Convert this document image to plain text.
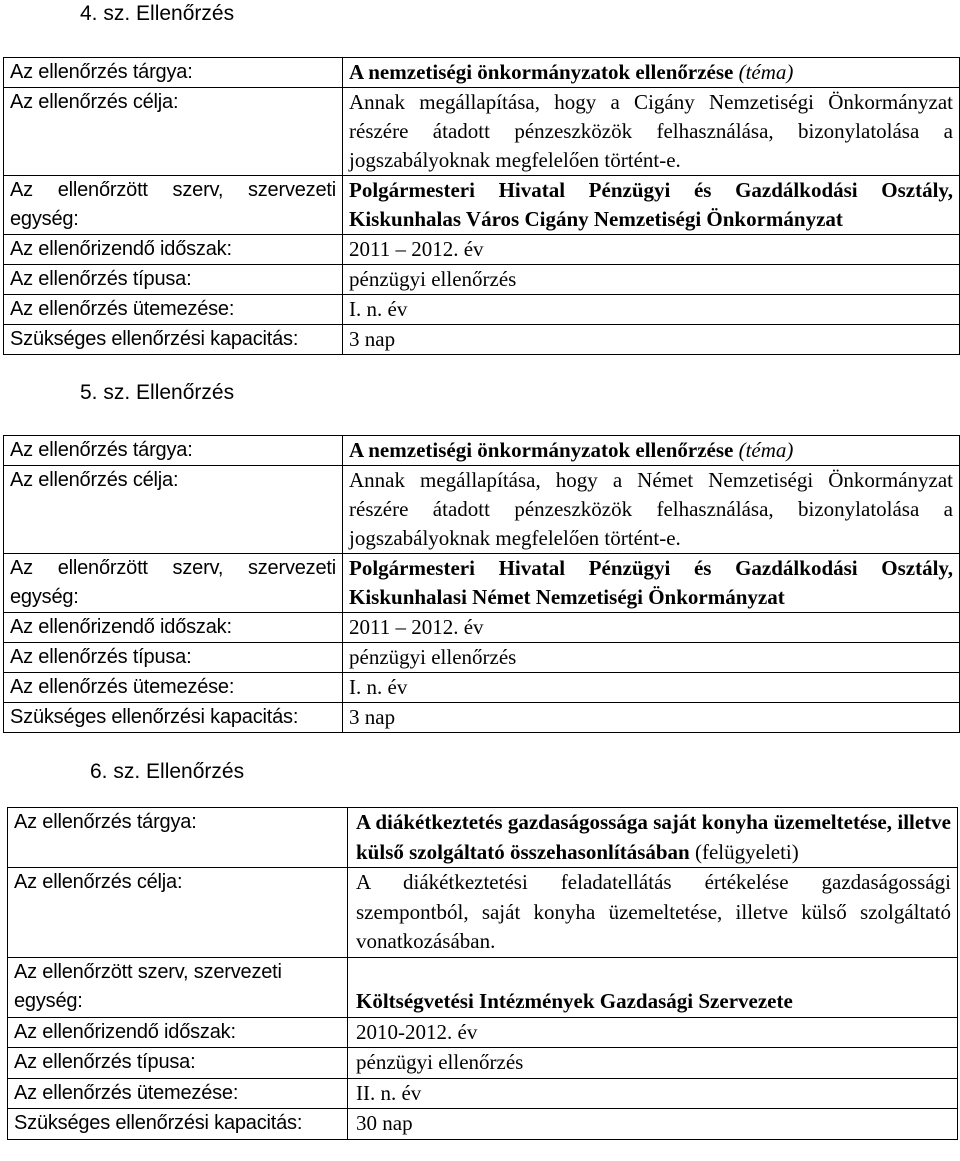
4. sz. Ellenőrzés
Az ellenőrzés tárgya:	A nemzetiségi önkormányzatok ellenőrzése (téma)
Az ellenőrzés célja:	Annak megállapítása, hogy a Cigány Nemzetiségi Önkormányzat részére átadott pénzeszközök felhasználása, bizonylatolása a jogszabályoknak megfelelően történt-e.
Az ellenőrzött szerv, szervezeti egység:	Polgármesteri Hivatal Pénzügyi és Gazdálkodási Osztály,
Kiskunhalas Város Cigány Nemzetiségi Önkormányzat

Az ellenőrizendő időszak:	2011 – 2012. év
Az ellenőrzés típusa:	pénzügyi ellenőrzés
Az ellenőrzés ütemezése:	I. n. év
Szükséges ellenőrzési kapacitás:	3 nap
5. sz. Ellenőrzés
Az ellenőrzés tárgya:	A nemzetiségi önkormányzatok ellenőrzése (téma)
Az ellenőrzés célja:	Annak megállapítása, hogy a Német Nemzetiségi Önkormányzat részére átadott pénzeszközök felhasználása, bizonylatolása a jogszabályoknak megfelelően történt-e.
Az ellenőrzött szerv, szervezeti egység:	Polgármesteri Hivatal Pénzügyi és Gazdálkodási Osztály,
Kiskunhalasi Német Nemzetiségi Önkormányzat

Az ellenőrizendő időszak:	2011 – 2012. év
Az ellenőrzés típusa:	pénzügyi ellenőrzés
Az ellenőrzés ütemezése:	I. n. év
Szükséges ellenőrzési kapacitás:	3 nap
6. sz. Ellenőrzés
Az ellenőrzés tárgya:	A diákétkeztetés gazdaságossága saját konyha üzemeltetése, illetve külső szolgáltató összehasonlításában (felügyeleti)
Az ellenőrzés célja:	A diákétkeztetési feladatellátás értékelése gazdaságossági szempontból, saját konyha üzemeltetése, illetve külső szolgáltató vonatkozásában.

Az ellenőrzött szerv, szervezeti
egység:	Költségvetési Intézmények Gazdasági Szervezete
Az ellenőrizendő időszak:	2010-2012. év
Az ellenőrzés típusa:	pénzügyi ellenőrzés
Az ellenőrzés ütemezése:	II. n. év
Szükséges ellenőrzési kapacitás:	30 nap
